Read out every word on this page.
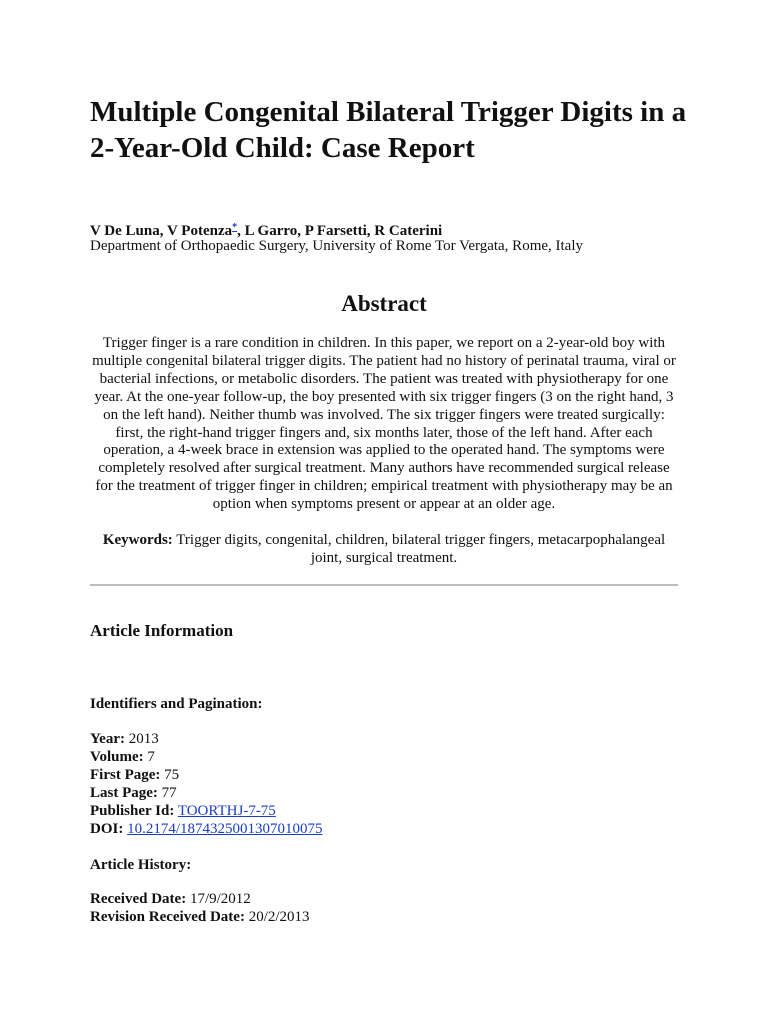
Multiple Congenital Bilateral Trigger Digits in a 2-Year-Old Child: Case Report
V De Luna, V Potenza*, L Garro, P Farsetti, R Caterini
Department of Orthopaedic Surgery, University of Rome Tor Vergata, Rome, Italy
Abstract

Trigger finger is a rare condition in children. In this paper, we report on a 2-year-old boy with multiple congenital bilateral trigger digits. The patient had no history of perinatal trauma, viral or bacterial infections, or metabolic disorders. The patient was treated with physiotherapy for one year. At the one-year follow-up, the boy presented with six trigger fingers (3 on the right hand, 3 on the left hand). Neither thumb was involved. The six trigger fingers were treated surgically: first, the right-hand trigger fingers and, six months later, those of the left hand. After each operation, a 4-week brace in extension was applied to the operated hand. The symptoms were completely resolved after surgical treatment. Many authors have recommended surgical release for the treatment of trigger finger in children; empirical treatment with physiotherapy may be an option when symptoms present or appear at an older age.

Keywords: Trigger digits, congenital, children, bilateral trigger fingers, metacarpophalangeal joint, surgical treatment.

Article Information
Identifiers and Pagination:
Year: 2013
Volume: 7
First Page: 75
Last Page: 77
Publisher Id: TOORTHJ-7-75
DOI: 10.2174/1874325001307010075
Article History:
Received Date: 17/9/2012
Revision Received Date: 20/2/2013
